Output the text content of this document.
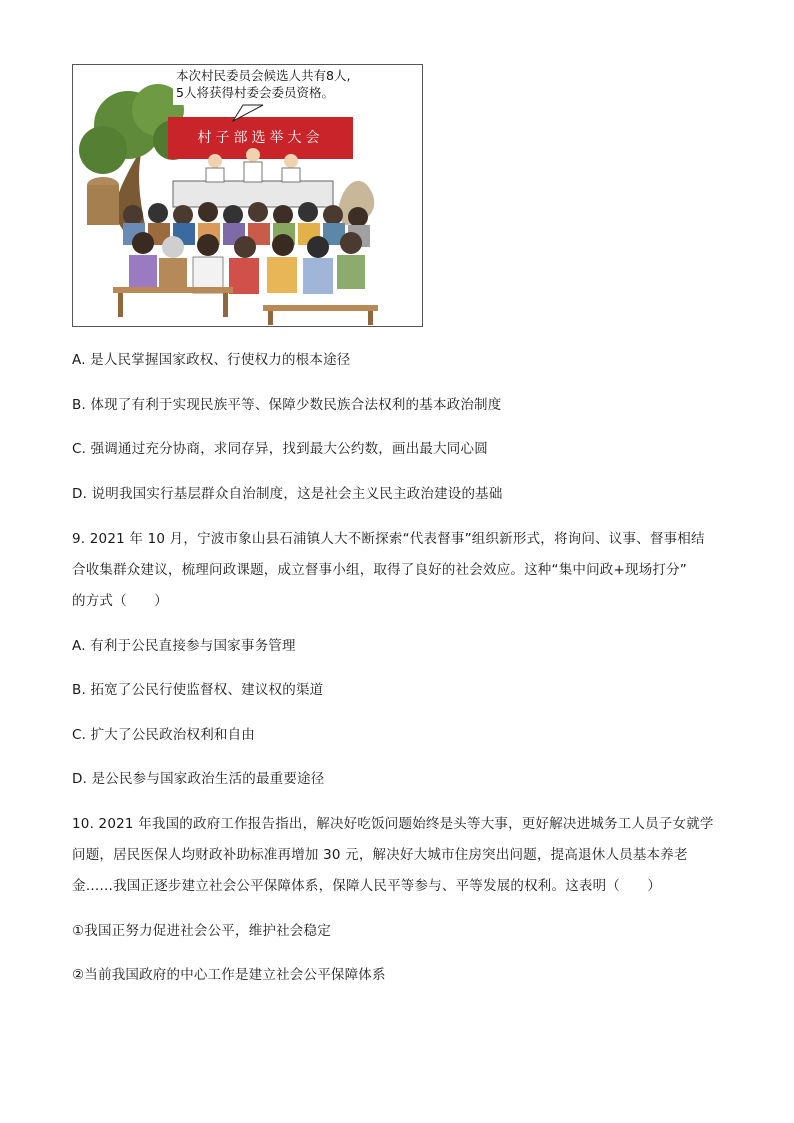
本次村民委员会候选人共有8人,
5人将获得村委会委员资格。
村子部选举大会
A. 是人民掌握国家政权、行使权力的根本途径
B. 体现了有利于实现民族平等、保障少数民族合法权利的基本政治制度
C. 强调通过充分协商，求同存异，找到最大公约数，画出最大同心圆
D. 说明我国实行基层群众自治制度，这是社会主义民主政治建设的基础
9. 2021 年 10 月，宁波市象山县石浦镇人大不断探索“代表督事”组织新形式，将询问、议事、督事相结
合收集群众建议，梳理问政课题，成立督事小组，取得了良好的社会效应。这种“集中问政+现场打分”
的方式（　　）
A. 有利于公民直接参与国家事务管理
B. 拓宽了公民行使监督权、建议权的渠道
C. 扩大了公民政治权利和自由
D. 是公民参与国家政治生活的最重要途径
10. 2021 年我国的政府工作报告指出，解决好吃饭问题始终是头等大事，更好解决进城务工人员子女就学
问题，居民医保人均财政补助标准再增加 30 元，解决好大城市住房突出问题，提高退休人员基本养老
金……我国正逐步建立社会公平保障体系，保障人民平等参与、平等发展的权利。这表明（　　）
①我国正努力促进社会公平，维护社会稳定
②当前我国政府的中心工作是建立社会公平保障体系
